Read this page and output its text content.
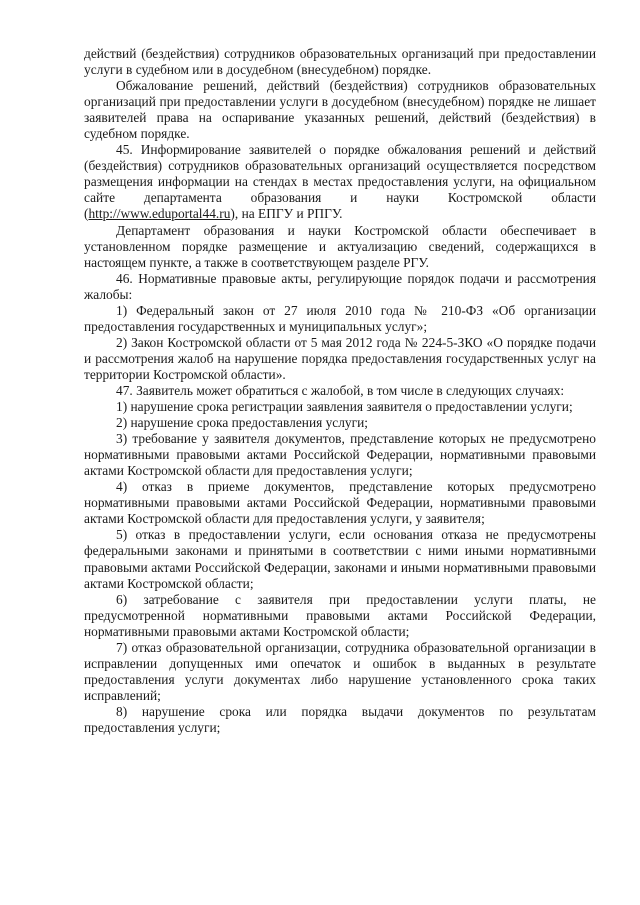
действий (бездействия) сотрудников образовательных организаций при предоставлении услуги в судебном или в досудебном (внесудебном) порядке.

Обжалование решений, действий (бездействия) сотрудников образовательных организаций при предоставлении услуги в досудебном (внесудебном) порядке не лишает заявителей права на оспаривание указанных решений, действий (бездействия) в судебном порядке.

45. Информирование заявителей о порядке обжалования решений и действий (бездействия) сотрудников образовательных организаций осуществляется посредством размещения информации на стендах в местах предоставления услуги, на официальном сайте департамента образования и науки Костромской области (http://www.eduportal44.ru), на ЕПГУ и РПГУ.

Департамент образования и науки Костромской области обеспечивает в установленном порядке размещение и актуализацию сведений, содержащихся в настоящем пункте, а также в соответствующем разделе РГУ.

46. Нормативные правовые акты, регулирующие порядок подачи и рассмотрения жалобы:

1) Федеральный закон от 27 июля 2010 года № 210-ФЗ «Об организации предоставления государственных и муниципальных услуг»;

2) Закон Костромской области от 5 мая 2012 года № 224-5-ЗКО «О порядке подачи и рассмотрения жалоб на нарушение порядка предоставления государственных услуг на территории Костромской области».

47. Заявитель может обратиться с жалобой, в том числе в следующих случаях:

1) нарушение срока регистрации заявления заявителя о предоставлении услуги;

2) нарушение срока предоставления услуги;

3) требование у заявителя документов, представление которых не предусмотрено нормативными правовыми актами Российской Федерации, нормативными правовыми актами Костромской области для предоставления услуги;

4) отказ в приеме документов, представление которых предусмотрено нормативными правовыми актами Российской Федерации, нормативными правовыми актами Костромской области для предоставления услуги, у заявителя;

5) отказ в предоставлении услуги, если основания отказа не предусмотрены федеральными законами и принятыми в соответствии с ними иными нормативными правовыми актами Российской Федерации, законами и иными нормативными правовыми актами Костромской области;

6) затребование с заявителя при предоставлении услуги платы, не предусмотренной нормативными правовыми актами Российской Федерации, нормативными правовыми актами Костромской области;

7) отказ образовательной организации, сотрудника образовательной организации в исправлении допущенных ими опечаток и ошибок в выданных в результате предоставления услуги документах либо нарушение установленного срока таких исправлений;

8) нарушение срока или порядка выдачи документов по результатам предоставления услуги;
